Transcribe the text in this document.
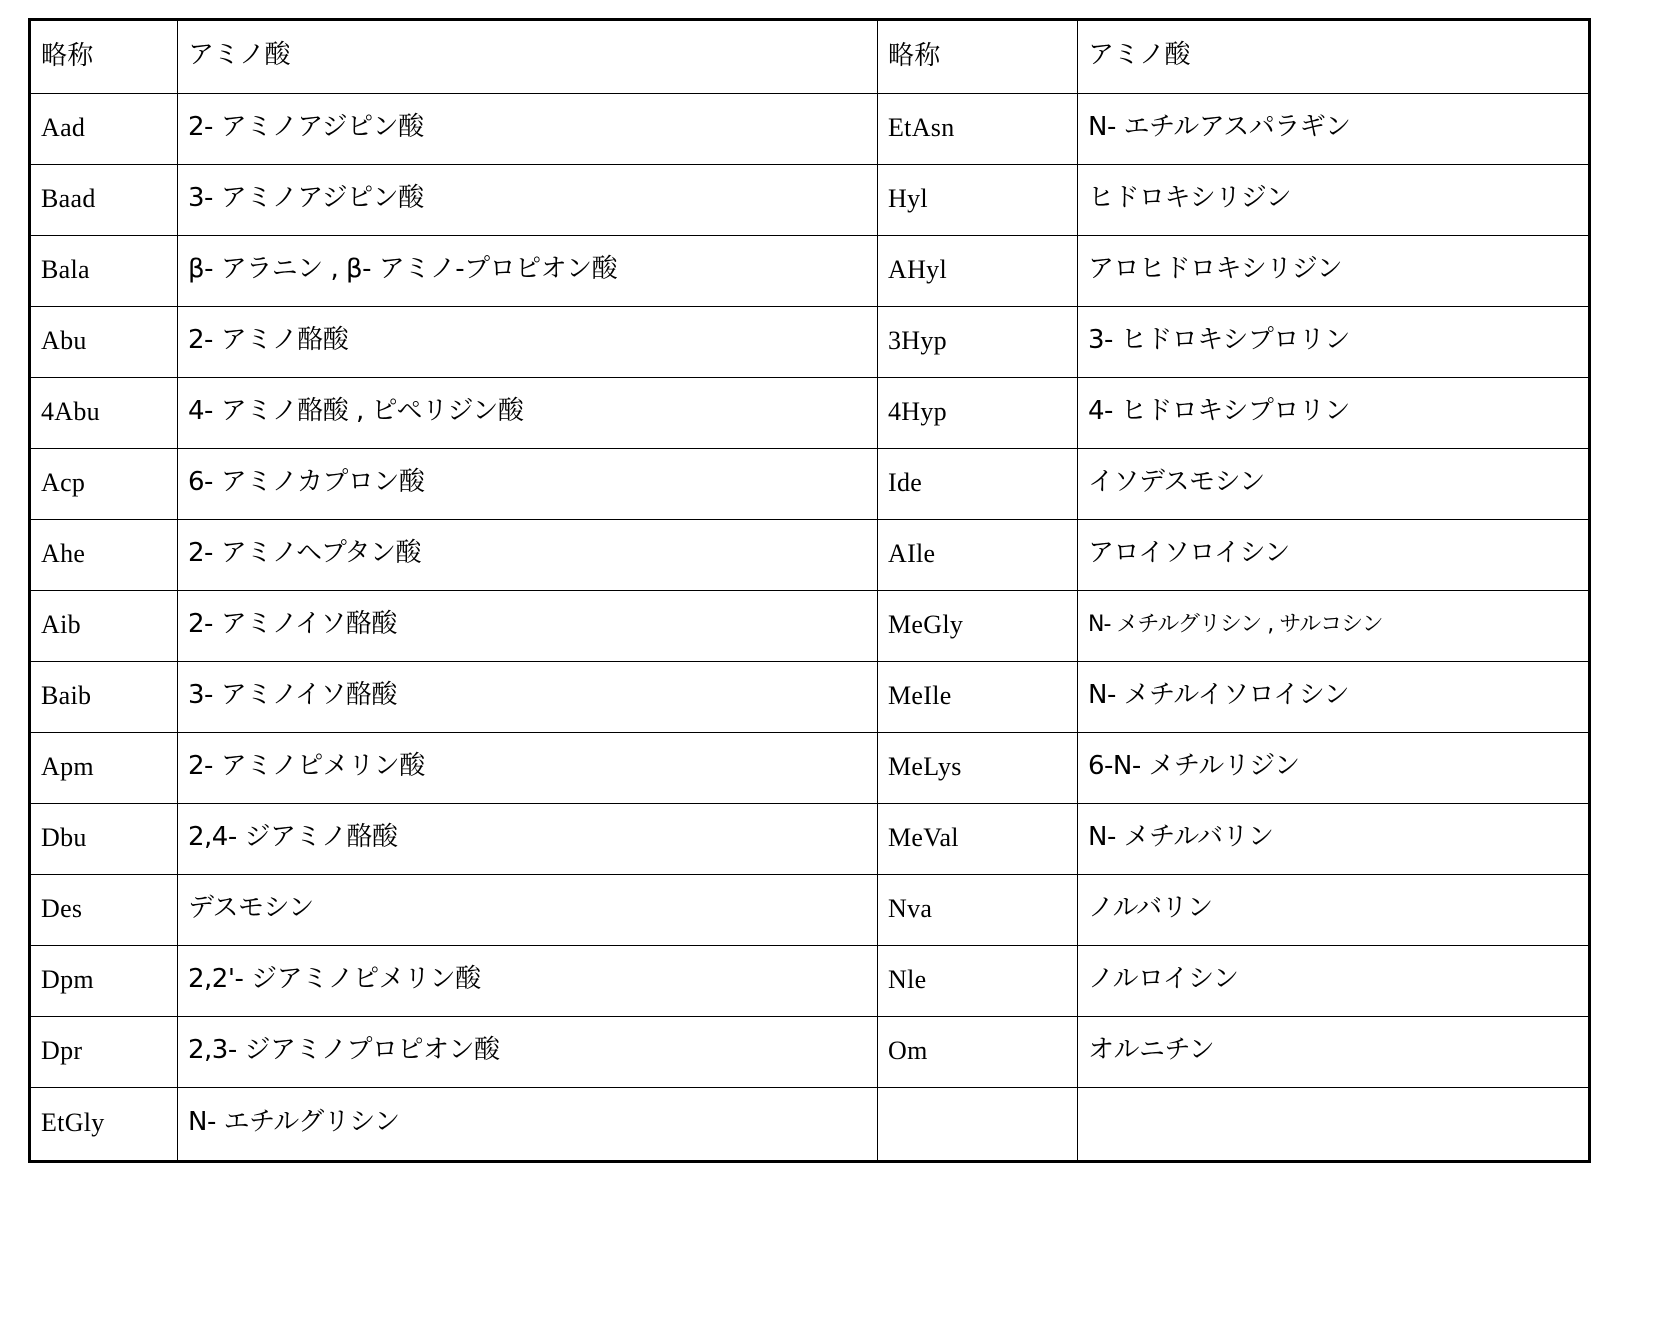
略称	アミノ酸	略称	アミノ酸
Aad	2- アミノアジピン酸	EtAsn	N- エチルアスパラギン
Baad	3- アミノアジピン酸	Hyl	ヒドロキシリジン
Bala	β- アラニン , β- アミノ-プロピオン酸	AHyl	アロヒドロキシリジン
Abu	2- アミノ酪酸	3Hyp	3- ヒドロキシプロリン
4Abu	4- アミノ酪酸 , ピペリジン酸	4Hyp	4- ヒドロキシプロリン
Acp	6- アミノカプロン酸	Ide	イソデスモシン
Ahe	2- アミノヘプタン酸	AIle	アロイソロイシン
Aib	2- アミノイソ酪酸	MeGly	N- メチルグリシン , サルコシン
Baib	3- アミノイソ酪酸	MeIle	N- メチルイソロイシン
Apm	2- アミノピメリン酸	MeLys	6-N- メチルリジン
Dbu	2,4- ジアミノ酪酸	MeVal	N- メチルバリン
Des	デスモシン	Nva	ノルバリン
Dpm	2,2'- ジアミノピメリン酸	Nle	ノルロイシン
Dpr	2,3- ジアミノプロピオン酸	Om	オルニチン
EtGly	N- エチルグリシン		
